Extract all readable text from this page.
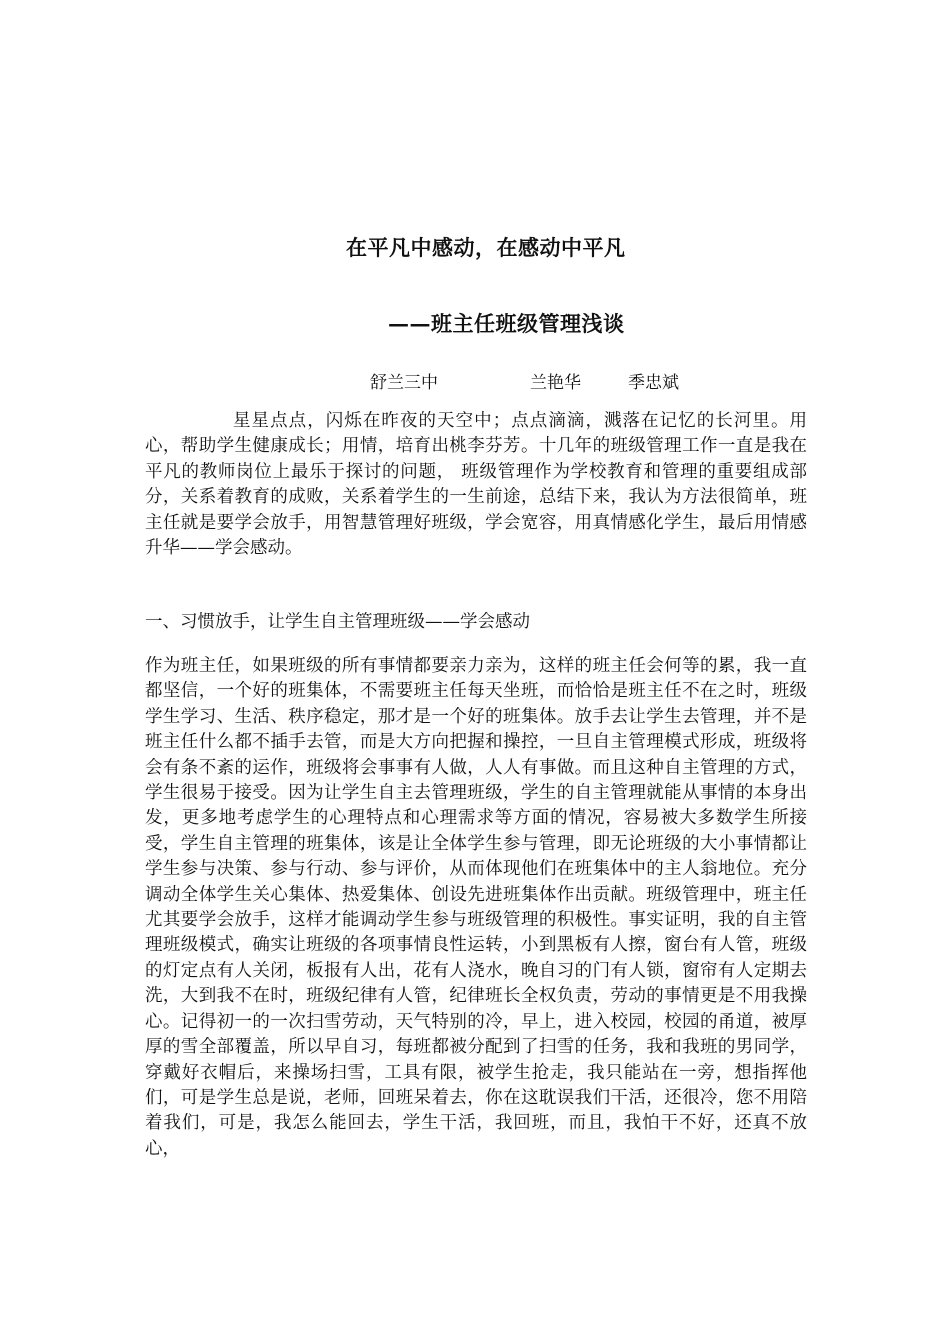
在平凡中感动，在感动中平凡
——班主任班级管理浅谈
舒兰三中	兰艳华	季忠斌
星星点点，闪烁在昨夜的天空中；点点滴滴，溅落在记忆的长河里。用心，帮助学生健康成长；用情，培育出桃李芬芳。十几年的班级管理工作一直是我在平凡的教师岗位上最乐于探讨的问题， 班级管理作为学校教育和管理的重要组成部分，关系着教育的成败，关系着学生的一生前途，总结下来，我认为方法很简单，班主任就是要学会放手，用智慧管理好班级，学会宽容，用真情感化学生，最后用情感升华——学会感动。
一、习惯放手，让学生自主管理班级——学会感动
作为班主任，如果班级的所有事情都要亲力亲为，这样的班主任会何等的累，我一直都坚信，一个好的班集体，不需要班主任每天坐班，而恰恰是班主任不在之时，班级学生学习、生活、秩序稳定，那才是一个好的班集体。放手去让学生去管理，并不是班主任什么都不插手去管，而是大方向把握和操控，一旦自主管理模式形成，班级将会有条不紊的运作，班级将会事事有人做，人人有事做。而且这种自主管理的方式，学生很易于接受。因为让学生自主去管理班级，学生的自主管理就能从事情的本身出发，更多地考虑学生的心理特点和心理需求等方面的情况，容易被大多数学生所接受，学生自主管理的班集体，该是让全体学生参与管理，即无论班级的大小事情都让学生参与决策、参与行动、参与评价，从而体现他们在班集体中的主人翁地位。充分调动全体学生关心集体、热爱集体、创设先进班集体作出贡献。班级管理中，班主任尤其要学会放手，这样才能调动学生参与班级管理的积极性。事实证明，我的自主管理班级模式，确实让班级的各项事情良性运转，小到黑板有人擦，窗台有人管，班级的灯定点有人关闭，板报有人出，花有人浇水，晚自习的门有人锁，窗帘有人定期去洗，大到我不在时，班级纪律有人管，纪律班长全权负责，劳动的事情更是不用我操心。记得初一的一次扫雪劳动，天气特别的冷，早上，进入校园，校园的甬道，被厚厚的雪全部覆盖，所以早自习，每班都被分配到了扫雪的任务，我和我班的男同学，穿戴好衣帽后，来操场扫雪，工具有限，被学生抢走，我只能站在一旁，想指挥他们，可是学生总是说，老师，回班呆着去，你在这耽误我们干活，还很冷，您不用陪着我们，可是，我怎么能回去，学生干活，我回班，而且，我怕干不好，还真不放心，
